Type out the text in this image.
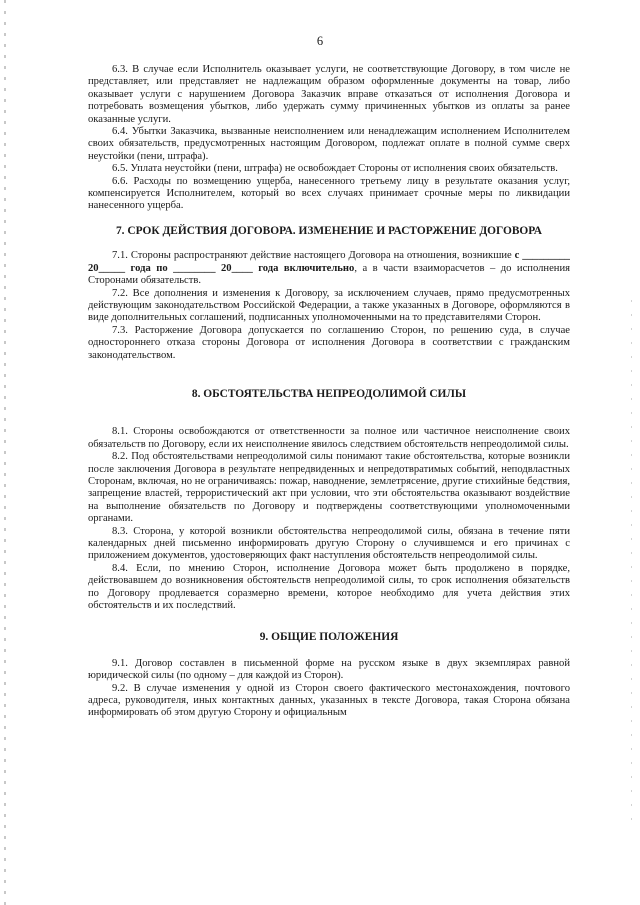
6

6.3. В случае если Исполнитель оказывает услуги, не соответствующие Договору, в том числе не представляет, или представляет не надлежащим образом оформленные документы на товар, либо оказывает услуги с нарушением Договора Заказчик вправе отказаться от исполнения Договора и потребовать возмещения убытков, либо удержать сумму причиненных убытков из оплаты за ранее оказанные услуги.

6.4. Убытки Заказчика, вызванные неисполнением или ненадлежащим исполнением Исполнителем своих обязательств, предусмотренных настоящим Договором, подлежат оплате в полной сумме сверх неустойки (пени, штрафа).

6.5. Уплата неустойки (пени, штрафа) не освобождает Стороны от исполнения своих обязательств.

6.6. Расходы по возмещению ущерба, нанесенного третьему лицу в результате оказания услуг, компенсируется Исполнителем, который во всех случаях принимает срочные меры по ликвидации нанесенного ущерба.

7. СРОК ДЕЙСТВИЯ ДОГОВОРА. ИЗМЕНЕНИЕ И РАСТОРЖЕНИЕ ДОГОВОРА

7.1. Стороны распространяют действие настоящего Договора на отношения, возникшие с _________ 20_____ года по ________ 20____ года включительно, а в части взаиморасчетов – до исполнения Сторонами обязательств.

7.2. Все дополнения и изменения к Договору, за исключением случаев, прямо предусмотренных действующим законодательством Российской Федерации, а также указанных в Договоре, оформляются в виде дополнительных соглашений, подписанных уполномоченными на то представителями Сторон.

7.3. Расторжение Договора допускается по соглашению Сторон, по решению суда, в случае одностороннего отказа стороны Договора от исполнения Договора в соответствии с гражданским законодательством.

8. ОБСТОЯТЕЛЬСТВА НЕПРЕОДОЛИМОЙ СИЛЫ

8.1. Стороны освобождаются от ответственности за полное или частичное неисполнение своих обязательств по Договору, если их неисполнение явилось следствием обстоятельств непреодолимой силы.

8.2. Под обстоятельствами непреодолимой силы понимают такие обстоятельства, которые возникли после заключения Договора в результате непредвиденных и непредотвратимых событий, неподвластных Сторонам, включая, но не ограничиваясь: пожар, наводнение, землетрясение, другие стихийные бедствия, запрещение властей, террористический акт при условии, что эти обстоятельства оказывают воздействие на выполнение обязательств по Договору и подтверждены соответствующими уполномоченными органами.

8.3. Сторона, у которой возникли обстоятельства непреодолимой силы, обязана в течение пяти календарных дней письменно информировать другую Сторону о случившемся и его причинах с приложением документов, удостоверяющих факт наступления обстоятельств непреодолимой силы.

8.4. Если, по мнению Сторон, исполнение Договора может быть продолжено в порядке, действовавшем до возникновения обстоятельств непреодолимой силы, то срок исполнения обязательств по Договору продлевается соразмерно времени, которое необходимо для учета действия этих обстоятельств и их последствий.

9. ОБЩИЕ ПОЛОЖЕНИЯ

9.1. Договор составлен в письменной форме на русском языке в двух экземплярах равной юридической силы (по одному – для каждой из Сторон).

9.2. В случае изменения у одной из Сторон своего фактического местонахождения, почтового адреса, руководителя, иных контактных данных, указанных в тексте Договора, такая Сторона обязана информировать об этом другую Сторону и официальным
